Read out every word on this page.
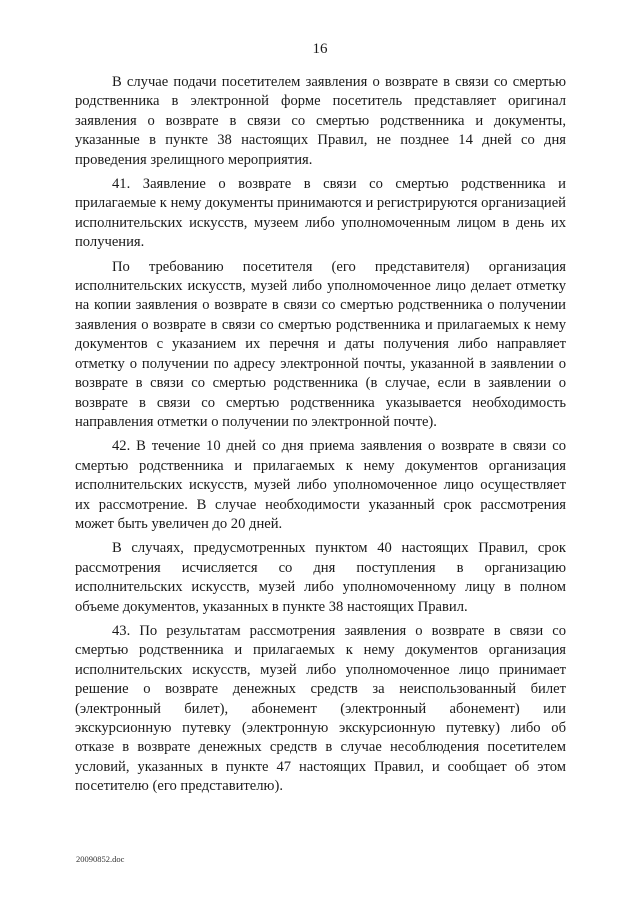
16

В случае подачи посетителем заявления о возврате в связи со смертью родственника в электронной форме посетитель представляет оригинал заявления о возврате в связи со смертью родственника и документы, указанные в пункте 38 настоящих Правил, не позднее 14 дней со дня проведения зрелищного мероприятия.

41. Заявление о возврате в связи со смертью родственника и прилагаемые к нему документы принимаются и регистрируются организацией исполнительских искусств, музеем либо уполномоченным лицом в день их получения.

По требованию посетителя (его представителя) организация исполнительских искусств, музей либо уполномоченное лицо делает отметку на копии заявления о возврате в связи со смертью родственника о получении заявления о возврате в связи со смертью родственника и прилагаемых к нему документов с указанием их перечня и даты получения либо направляет отметку о получении по адресу электронной почты, указанной в заявлении о возврате в связи со смертью родственника (в случае, если в заявлении о возврате в связи со смертью родственника указывается необходимость направления отметки о получении по электронной почте).

42. В течение 10 дней со дня приема заявления о возврате в связи со смертью родственника и прилагаемых к нему документов организация исполнительских искусств, музей либо уполномоченное лицо осуществляет их рассмотрение. В случае необходимости указанный срок рассмотрения может быть увеличен до 20 дней.

В случаях, предусмотренных пунктом 40 настоящих Правил, срок рассмотрения исчисляется со дня поступления в организацию исполнительских искусств, музей либо уполномоченному лицу в полном объеме документов, указанных в пункте 38 настоящих Правил.

43. По результатам рассмотрения заявления о возврате в связи со смертью родственника и прилагаемых к нему документов организация исполнительских искусств, музей либо уполномоченное лицо принимает решение о возврате денежных средств за неиспользованный билет (электронный билет), абонемент (электронный абонемент) или экскурсионную путевку (электронную экскурсионную путевку) либо об отказе в возврате денежных средств в случае несоблюдения посетителем условий, указанных в пункте 47 настоящих Правил, и сообщает об этом посетителю (его представителю).

20090852.doc
